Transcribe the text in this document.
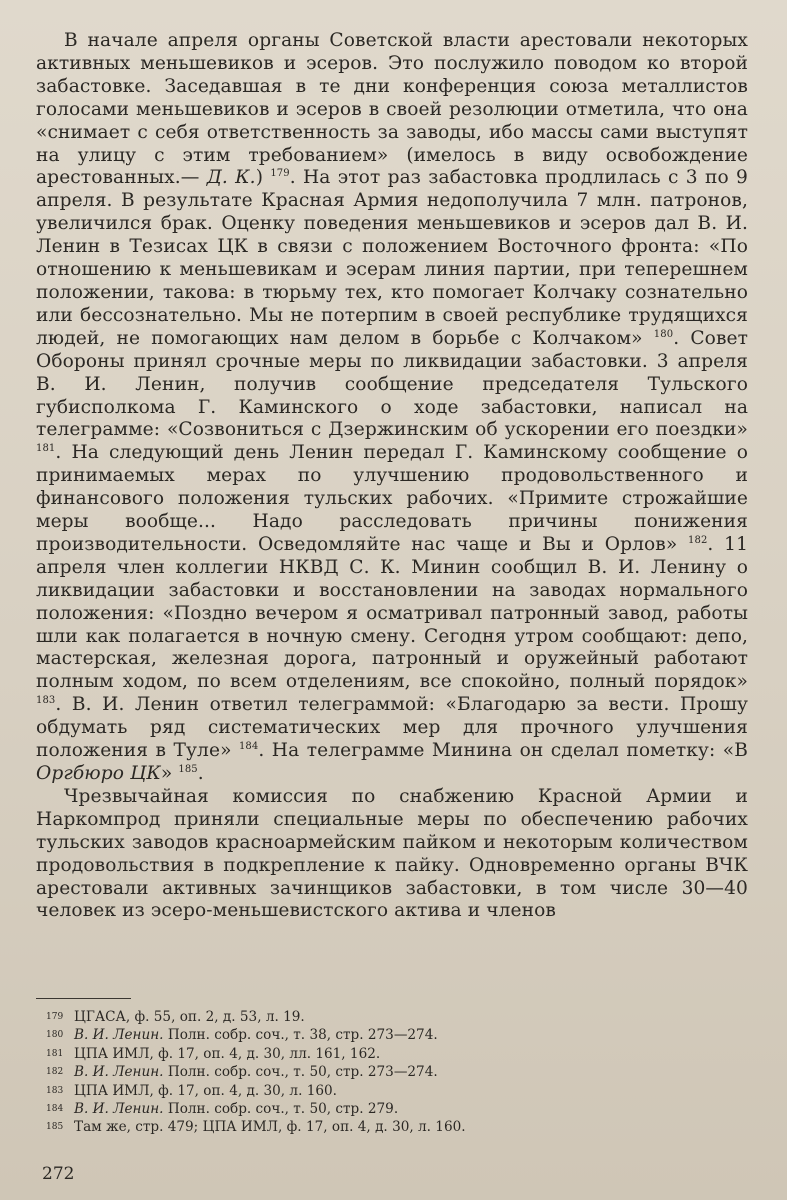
В начале апреля органы Советской власти арестовали некоторых активных меньшевиков и эсеров. Это послужило поводом ко второй забастовке. Заседавшая в те дни конференция союза металлистов голосами меньшевиков и эсеров в своей резолюции отметила, что она «снимает с себя ответственность за заводы, ибо массы сами выступят на улицу с этим требованием» (имелось в виду освобождение арестованных.— Д. К.) $^{179}$. На этот раз забастовка продлилась с 3 по 9 апреля. В результате Красная Армия недополучила 7 млн. патронов, увеличился брак. Оценку поведения меньшевиков и эсеров дал В. И. Ленин в Тезисах ЦК в связи с положением Восточного фронта: «По отношению к меньшевикам и эсерам линия партии, при теперешнем положении, такова: в тюрьму тех, кто помогает Колчаку сознательно или бессознательно. Мы не потерпим в своей республике трудящихся людей, не помогающих нам делом в борьбе с Колчаком» $^{180}$. Совет Обороны принял срочные меры по ликвидации забастовки. 3 апреля В. И. Ленин, получив сообщение председателя Тульского губисполкома Г. Каминского о ходе забастовки, написал на телеграмме: «Созвониться с Дзержинским об ускорении его поездки» $^{181}$. На следующий день Ленин передал Г. Каминскому сообщение о принимаемых мерах по улучшению продовольственного и финансового положения тульских рабочих. «Примите строжайшие меры вообще... Надо расследовать причины понижения производительности. Осведомляйте нас чаще и Вы и Орлов» $^{182}$. 11 апреля член коллегии НКВД С. К. Минин сообщил В. И. Ленину о ликвидации забастовки и восстановлении на заводах нормального положения: «Поздно вечером я осматривал патронный завод, работы шли как полагается в ночную смену. Сегодня утром сообщают: депо, мастерская, железная дорога, патронный и оружейный работают полным ходом, по всем отделениям, все спокойно, полный порядок» $^{183}$. В. И. Ленин ответил телеграммой: «Благодарю за вести. Прошу обдумать ряд систематических мер для прочного улучшения положения в Туле» $^{184}$. На телеграмме Минина он сделал пометку: «В Оргбюро ЦК» $^{185}$.

Чрезвычайная комиссия по снабжению Красной Армии и Наркомпрод приняли специальные меры по обеспечению рабочих тульских заводов красноармейским пайком и некоторым количеством продовольствия в подкрепление к пайку. Одновременно органы ВЧК арестовали активных зачинщиков забастовки, в том числе 30—40 человек из эсеро-меньшевистского актива и членов

179 ЦГАСА, ф. 55, оп. 2, д. 53, л. 19.
180 В. И. Ленин. Полн. собр. соч., т. 38, стр. 273—274.
181 ЦПА ИМЛ, ф. 17, оп. 4, д. 30, лл. 161, 162.
182 В. И. Ленин. Полн. собр. соч., т. 50, стр. 273—274.
183 ЦПА ИМЛ, ф. 17, оп. 4, д. 30, л. 160.
184 В. И. Ленин. Полн. собр. соч., т. 50, стр. 279.
185 Там же, стр. 479; ЦПА ИМЛ, ф. 17, оп. 4, д. 30, л. 160.
272
